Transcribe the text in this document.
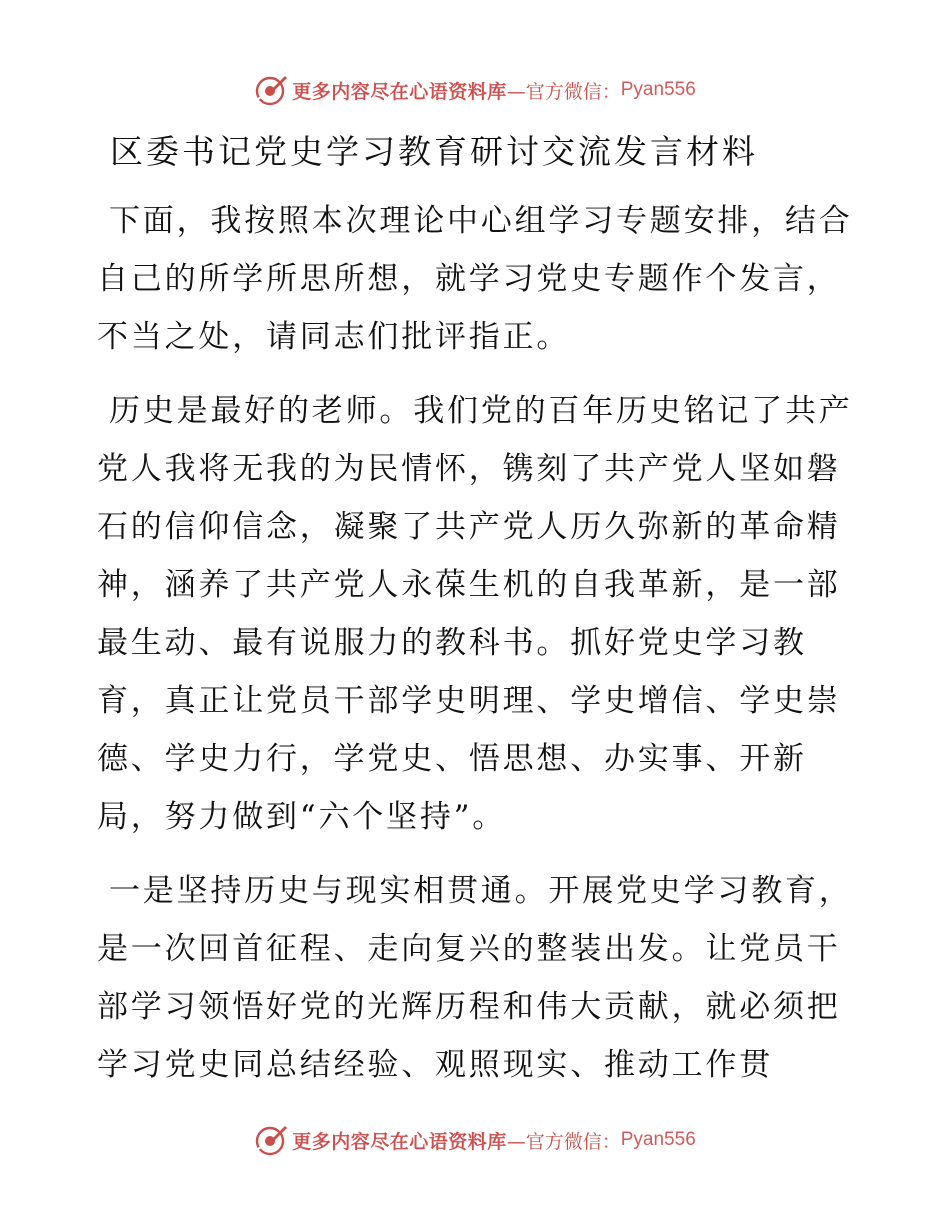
更多内容尽在心语资料库 —官方微信： Pyan556
区委书记党史学习教育研讨交流发言材料

下面，我按照本次理论中心组学习专题安排，结合自己的所学所思所想，就学习党史专题作个发言，不当之处，请同志们批评指正。

历史是最好的老师。我们党的百年历史铭记了共产党人我将无我的为民情怀，镌刻了共产党人坚如磐石的信仰信念，凝聚了共产党人历久弥新的革命精神，涵养了共产党人永葆生机的自我革新，是一部最生动、最有说服力的教科书。抓好党史学习教育，真正让党员干部学史明理、学史增信、学史崇德、学史力行，学党史、悟思想、办实事、开新局，努力做到“六个坚持”。

一是坚持历史与现实相贯通。开展党史学习教育，是一次回首征程、走向复兴的整装出发。让党员干部学习领悟好党的光辉历程和伟大贡献，就必须把学习党史同总结经验、观照现实、推动工作贯

更多内容尽在心语资料库 —官方微信： Pyan556
